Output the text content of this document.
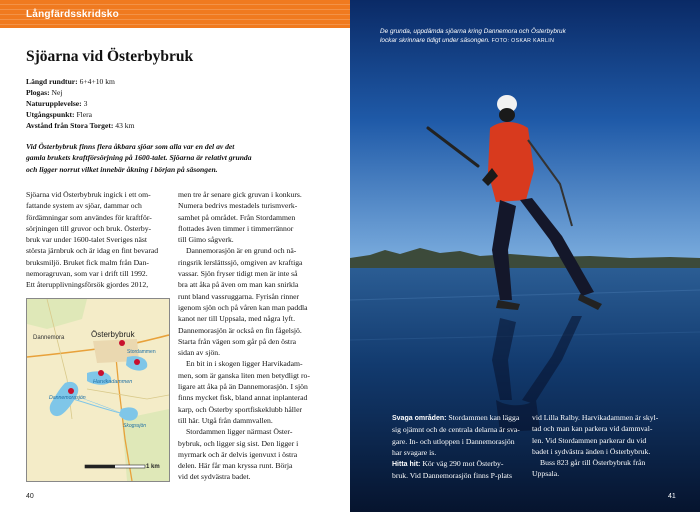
Långfärdsskridsko
Sjöarna vid Österbybruk
Längd rundtur: 6+4+10 km
Plogas: Nej
Naturupplevelse: 3
Utgångspunkt: Flera
Avstånd från Stora Torget: 43 km
Vid Österbybruk finns flera åkbara sjöar som alla var en del av det
gamla brukets kraftförsörjning på 1600-talet. Sjöarna är relativt grunda
och ligger norrut vilket innebär åkning i början på säsongen.
Sjöarna vid Österbybruk ingick i ett om-
fattande system av sjöar, dammar och
fördämningar som användes för kraftför-
sörjningen till gruvor och bruk. Österby-
bruk var under 1600-talet Sveriges näst
största järnbruk och är idag en fint bevarad
bruksmiljö. Bruket fick malm från Dan-
nemoragruvan, som var i drift till 1992.
Ett återupplivningsförsök gjordes 2012,
men tre år senare gick gruvan i konkurs.
Numera bedrivs mestadels turismverk-
samhet på området. Från Stordammen
flottades även timmer i timmerrännor
till Gimo sågverk.
Dannemorasjön är en grund och nä-
ringsrik lerslättssjö, omgiven av kraftiga
vassar. Sjön fryser tidigt men är inte så
bra att åka på även om man kan snirkla
runt bland vassruggarna. Fyrisån rinner
igenom sjön och på våren kan man paddla
kanot ner till Uppsala, med några lyft.
Dannemorasjön är också en fin fågelsjö.
Starta från vägen som går på den östra
sidan av sjön.
En bit in i skogen ligger Harvikadam-
men, som är ganska liten men betydligt ro-
ligare att åka på än Dannemorasjön. I sjön
finns mycket fisk, bland annat inplanterad
karp, och Österby sportfiskeklubb håller
till här. Utgå från dammvallen.
Stordammen ligger närmast Öster-
bybruk, och ligger sig sist. Den ligger i
myrmark och är delvis igenvuxt i östra
delen. Här får man kryssa runt. Börja
vid det sydvästra badet.
Dannemora	Österbybruk
Stordammen
Harvikadammen
Dannemorasjön
Skogssjön
1 km
40
De grunda, uppdämda sjöarna kring Dannemora och Österbybruk
lockar skrinnare tidigt under säsongen. FOTO: OSKAR KARLIN
Svaga områden: Stordammen kan lägga
sig ojämnt och de centrala delarna är sva-
gare. In- och utloppen i Dannemorasjön
har svagare is.
Hitta hit: Kör väg 290 mot Österby-
bruk. Vid Dannemorasjön finns P-plats
vid Lilla Ralby. Harvikadammen är skyl-
tad och man kan parkera vid dammval-
len. Vid Stordammen parkerar du vid
badet i sydvästra änden i Österbybruk.
Buss 823 går till Österbybruk från
Uppsala.
41
